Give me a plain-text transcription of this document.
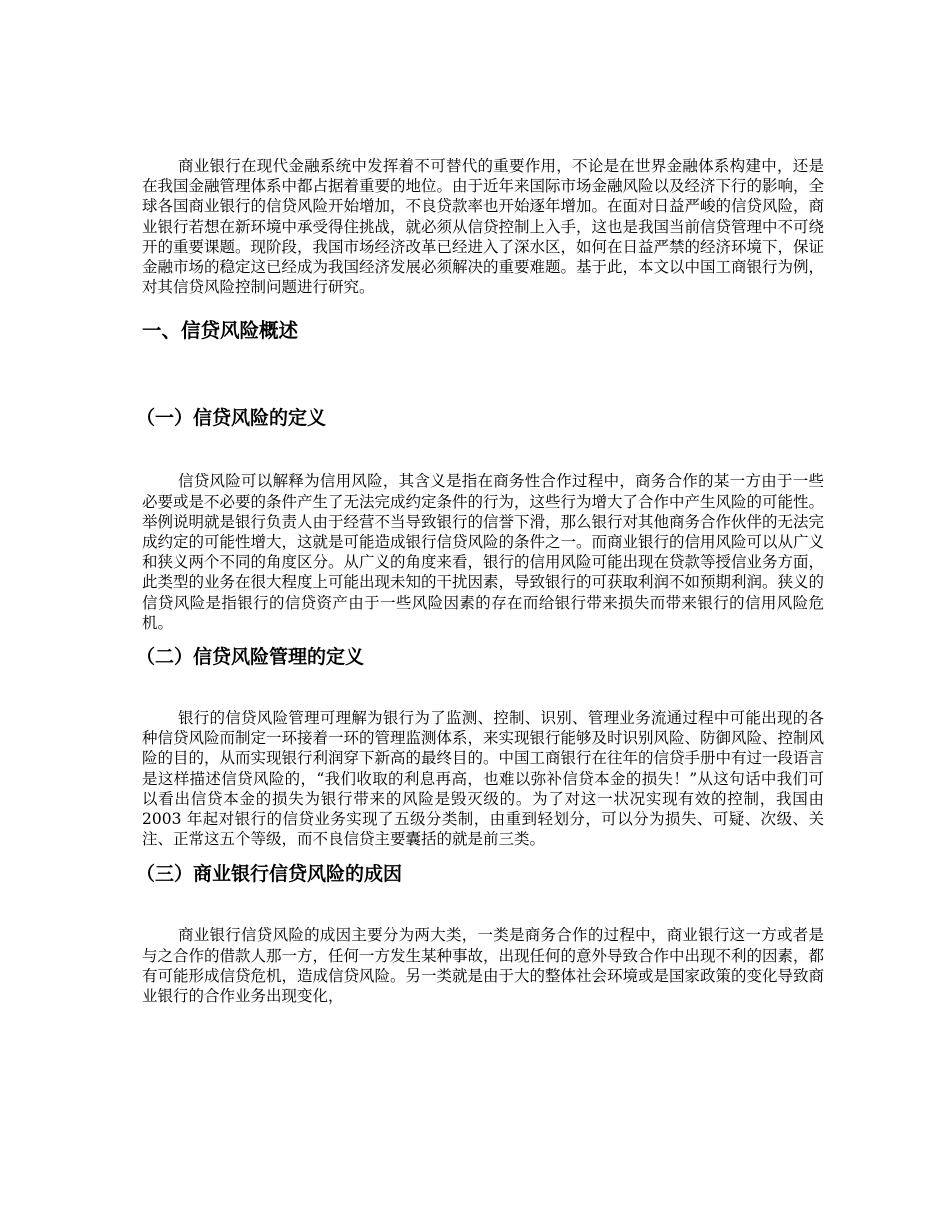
商业银行在现代金融系统中发挥着不可替代的重要作用，不论是在世界金融体系构建中，还是在我国金融管理体系中都占据着重要的地位。由于近年来国际市场金融风险以及经济下行的影响，全球各国商业银行的信贷风险开始增加，不良贷款率也开始逐年增加。在面对日益严峻的信贷风险，商业银行若想在新环境中承受得住挑战，就必须从信贷控制上入手，这也是我国当前信贷管理中不可绕开的重要课题。现阶段，我国市场经济改革已经进入了深水区，如何在日益严禁的经济环境下，保证金融市场的稳定这已经成为我国经济发展必须解决的重要难题。基于此，本文以中国工商银行为例，对其信贷风险控制问题进行研究。

一、信贷风险概述
（一）信贷风险的定义

信贷风险可以解释为信用风险，其含义是指在商务性合作过程中，商务合作的某一方由于一些必要或是不必要的条件产生了无法完成约定条件的行为，这些行为增大了合作中产生风险的可能性。举例说明就是银行负责人由于经营不当导致银行的信誉下滑，那么银行对其他商务合作伙伴的无法完成约定的可能性增大，这就是可能造成银行信贷风险的条件之一。而商业银行的信用风险可以从广义和狭义两个不同的角度区分。从广义的角度来看，银行的信用风险可能出现在贷款等授信业务方面，此类型的业务在很大程度上可能出现未知的干扰因素，导致银行的可获取利润不如预期利润。狭义的信贷风险是指银行的信贷资产由于一些风险因素的存在而给银行带来损失而带来银行的信用风险危机。

（二）信贷风险管理的定义

银行的信贷风险管理可理解为银行为了监测、控制、识别、管理业务流通过程中可能出现的各种信贷风险而制定一环接着一环的管理监测体系，来实现银行能够及时识别风险、防御风险、控制风险的目的，从而实现银行利润穿下新高的最终目的。中国工商银行在往年的信贷手册中有过一段语言是这样描述信贷风险的，“我们收取的利息再高，也难以弥补信贷本金的损失！”从这句话中我们可以看出信贷本金的损失为银行带来的风险是毁灭级的。为了对这一状况实现有效的控制，我国由 2003 年起对银行的信贷业务实现了五级分类制，由重到轻划分，可以分为损失、可疑、次级、关注、正常这五个等级，而不良信贷主要囊括的就是前三类。

（三）商业银行信贷风险的成因

商业银行信贷风险的成因主要分为两大类，一类是商务合作的过程中，商业银行这一方或者是与之合作的借款人那一方，任何一方发生某种事故，出现任何的意外导致合作中出现不利的因素，都有可能形成信贷危机，造成信贷风险。另一类就是由于大的整体社会环境或是国家政策的变化导致商业银行的合作业务出现变化，
